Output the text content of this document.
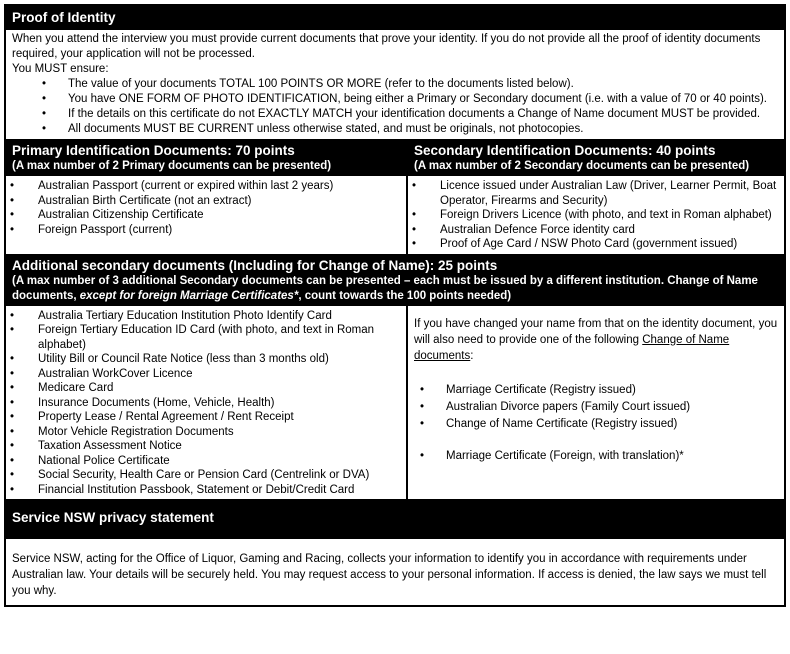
Proof of Identity

When you attend the interview you must provide current documents that prove your identity. If you do not provide all the proof of identity documents required, your application will not be processed.

You MUST ensure:

• The value of your documents TOTAL 100 POINTS OR MORE (refer to the documents listed below).
• You have ONE FORM OF PHOTO IDENTIFICATION, being either a Primary or Secondary document (i.e. with a value of 70 or 40 points).
• If the details on this certificate do not EXACTLY MATCH your identification documents a Change of Name document MUST be provided.
• All documents MUST BE CURRENT unless otherwise stated, and must be originals, not photocopies.
Primary Identification Documents: 70 points
(A max number of 2 Primary documents can be presented)
• Australian Passport (current or expired within last 2 years)
• Australian Birth Certificate (not an extract)
• Australian Citizenship Certificate
• Foreign Passport (current)
Secondary Identification Documents: 40 points
(A max number of 2 Secondary documents can be presented)
• Licence issued under Australian Law (Driver, Learner Permit, Boat Operator, Firearms and Security)
• Foreign Drivers Licence (with photo, and text in Roman alphabet)
• Australian Defence Force identity card
• Proof of Age Card / NSW Photo Card (government issued)
Additional secondary documents (Including for Change of Name): 25 points
(A max number of 3 additional Secondary documents can be presented – each must be issued by a different institution. Change of Name documents, except for foreign Marriage Certificates*, count towards the 100 points needed)
• Australia Tertiary Education Institution Photo Identify Card
• Foreign Tertiary Education ID Card (with photo, and text in Roman alphabet)
• Utility Bill or Council Rate Notice (less than 3 months old)
• Australian WorkCover Licence
• Medicare Card
• Insurance Documents (Home, Vehicle, Health)
• Property Lease / Rental Agreement / Rent Receipt
• Motor Vehicle Registration Documents
• Taxation Assessment Notice
• National Police Certificate
• Social Security, Health Care or Pension Card (Centrelink or DVA)
• Financial Institution Passbook, Statement or Debit/Credit Card

If you have changed your name from that on the identity document, you will also need to provide one of the following Change of Name documents:

• Marriage Certificate (Registry issued)
• Australian Divorce papers (Family Court issued)
• Change of Name Certificate (Registry issued)
• Marriage Certificate (Foreign, with translation)*
Service NSW privacy statement
Service NSW, acting for the Office of Liquor, Gaming and Racing, collects your information to identify you in accordance with requirements under Australian law. Your details will be securely held. You may request access to your personal information. If access is denied, the law says we must tell you why.
